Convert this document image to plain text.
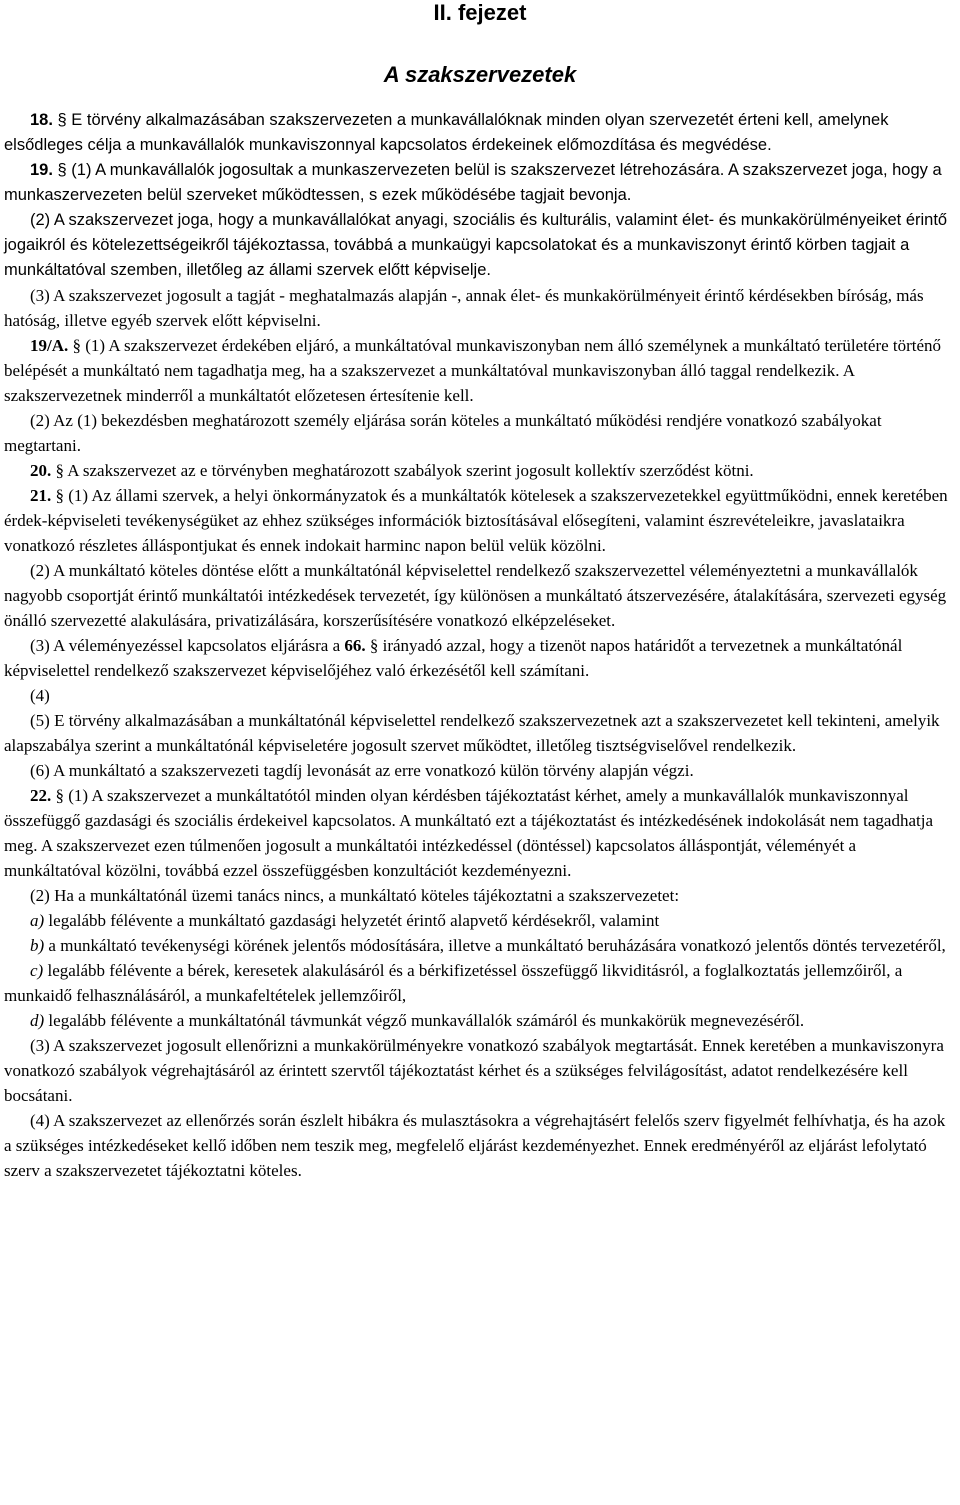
II. fejezet
A szakszervezetek

18. § E törvény alkalmazásában szakszervezeten a munkavállalóknak minden olyan szervezetét érteni kell, amelynek elsődleges célja a munkavállalók munkaviszonnyal kapcsolatos érdekeinek előmozdítása és megvédése.

19. § (1) A munkavállalók jogosultak a munkaszervezeten belül is szakszervezet létrehozására. A szakszervezet joga, hogy a munkaszervezeten belül szerveket működtessen, s ezek működésébe tagjait bevonja.

(2) A szakszervezet joga, hogy a munkavállalókat anyagi, szociális és kulturális, valamint élet- és munkakörülményeiket érintő jogaikról és kötelezettségeikről tájékoztassa, továbbá a munkaügyi kapcsolatokat és a munkaviszonyt érintő körben tagjait a munkáltatóval szemben, illetőleg az állami szervek előtt képviselje.

(3) A szakszervezet jogosult a tagját - meghatalmazás alapján -, annak élet- és munkakörülményeit érintő kérdésekben bíróság, más hatóság, illetve egyéb szervek előtt képviselni.

19/A. § (1) A szakszervezet érdekében eljáró, a munkáltatóval munkaviszonyban nem álló személynek a munkáltató területére történő belépését a munkáltató nem tagadhatja meg, ha a szakszervezet a munkáltatóval munkaviszonyban álló taggal rendelkezik. A szakszervezetnek minderről a munkáltatót előzetesen értesítenie kell.

(2) Az (1) bekezdésben meghatározott személy eljárása során köteles a munkáltató működési rendjére vonatkozó szabályokat megtartani.

20. § A szakszervezet az e törvényben meghatározott szabályok szerint jogosult kollektív szerződést kötni.

21. § (1) Az állami szervek, a helyi önkormányzatok és a munkáltatók kötelesek a szakszervezetekkel együttműködni, ennek keretében érdek-képviseleti tevékenységüket az ehhez szükséges információk biztosításával elősegíteni, valamint észrevételeikre, javaslataikra vonatkozó részletes álláspontjukat és ennek indokait harminc napon belül velük közölni.

(2) A munkáltató köteles döntése előtt a munkáltatónál képviselettel rendelkező szakszervezettel véleményeztetni a munkavállalók nagyobb csoportját érintő munkáltatói intézkedések tervezetét, így különösen a munkáltató átszervezésére, átalakítására, szervezeti egység önálló szervezetté alakulására, privatizálására, korszerűsítésére vonatkozó elképzeléseket.

(3) A véleményezéssel kapcsolatos eljárásra a 66. § irányadó azzal, hogy a tizenöt napos határidőt a tervezetnek a munkáltatónál képviselettel rendelkező szakszervezet képviselőjéhez való érkezésétől kell számítani.

(4)

(5) E törvény alkalmazásában a munkáltatónál képviselettel rendelkező szakszervezetnek azt a szakszervezetet kell tekinteni, amelyik alapszabálya szerint a munkáltatónál képviseletére jogosult szervet működtet, illetőleg tisztségviselővel rendelkezik.

(6) A munkáltató a szakszervezeti tagdíj levonását az erre vonatkozó külön törvény alapján végzi.

22. § (1) A szakszervezet a munkáltatótól minden olyan kérdésben tájékoztatást kérhet, amely a munkavállalók munkaviszonnyal összefüggő gazdasági és szociális érdekeivel kapcsolatos. A munkáltató ezt a tájékoztatást és intézkedésének indokolását nem tagadhatja meg. A szakszervezet ezen túlmenően jogosult a munkáltatói intézkedéssel (döntéssel) kapcsolatos álláspontját, véleményét a munkáltatóval közölni, továbbá ezzel összefüggésben konzultációt kezdeményezni.

(2) Ha a munkáltatónál üzemi tanács nincs, a munkáltató köteles tájékoztatni a szakszervezetet:

a) legalább félévente a munkáltató gazdasági helyzetét érintő alapvető kérdésekről, valamint

b) a munkáltató tevékenységi körének jelentős módosítására, illetve a munkáltató beruházására vonatkozó jelentős döntés tervezetéről,

c) legalább félévente a bérek, keresetek alakulásáról és a bérkifizetéssel összefüggő likviditásról, a foglalkoztatás jellemzőiről, a munkaidő felhasználásáról, a munkafeltételek jellemzőiről,

d) legalább félévente a munkáltatónál távmunkát végző munkavállalók számáról és munkakörük megnevezéséről.

(3) A szakszervezet jogosult ellenőrizni a munkakörülményekre vonatkozó szabályok megtartását. Ennek keretében a munkaviszonyra vonatkozó szabályok végrehajtásáról az érintett szervtől tájékoztatást kérhet és a szükséges felvilágosítást, adatot rendelkezésére kell bocsátani.

(4) A szakszervezet az ellenőrzés során észlelt hibákra és mulasztásokra a végrehajtásért felelős szerv figyelmét felhívhatja, és ha azok a szükséges intézkedéseket kellő időben nem teszik meg, megfelelő eljárást kezdeményezhet. Ennek eredményéről az eljárást lefolytató szerv a szakszervezetet tájékoztatni köteles.
